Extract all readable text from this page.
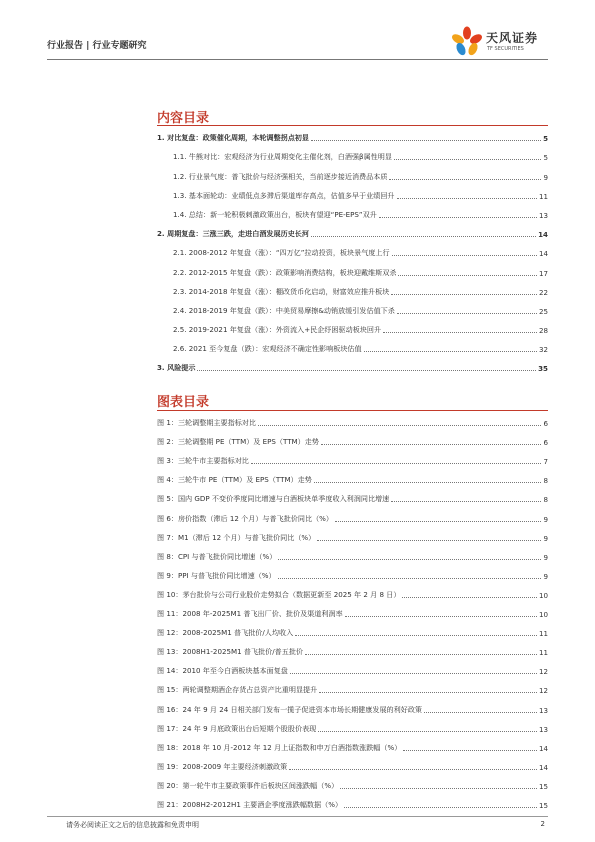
行业报告 | 行业专题研究
天风证券
TF SECURITIES
内容目录
1. 对比复盘：政策催化周期，本轮调整拐点初显	5
1.1. 牛熊对比：宏观经济为行业周期变化主催化剂，白酒强β属性明显	5
1.2. 行业景气度：普飞批价与经济强相关，当前逐步接近消费品本质	9
1.3. 基本面轮动：业绩低点多滞后渠道库存高点，估值多早于业绩回升	11
1.4. 总结：新一轮积极刺激政策出台，板块有望迎“PE-EPS”双升	13
2. 周期复盘：三涨三跌，走进白酒发展历史长河	14
2.1. 2008-2012 年复盘（涨）：“四万亿”拉动投资，板块景气度上行	14
2.2. 2012-2015 年复盘（跌）：政策影响消费结构，板块迎戴维斯双杀	17
2.3. 2014-2018 年复盘（涨）：棚改货币化启动，财富效应推升板块	22
2.4. 2018-2019 年复盘（跌）：中美贸易摩擦&动销放缓引发估值下杀	25
2.5. 2019-2021 年复盘（涨）：外资流入+民企纾困驱动板块回升	28
2.6. 2021 至今复盘（跌）：宏观经济不确定性影响板块估值	32
3. 风险提示	35
图表目录
图 1：三轮调整期主要指标对比	6
图 2：三轮调整期 PE（TTM）及 EPS（TTM）走势	6
图 3：三轮牛市主要指标对比	7
图 4：三轮牛市 PE（TTM）及 EPS（TTM）走势	8
图 5：国内 GDP 不变价季度同比增速与白酒板块单季度收入利润同比增速	8
图 6：房价指数（滞后 12 个月）与普飞批价同比（%）	9
图 7：M1（滞后 12 个月）与普飞批价同比（%）	9
图 8：CPI 与普飞批价同比增速（%）	9
图 9：PPI 与普飞批价同比增速（%）	9
图 10：茅台批价与公司行业股价走势拟合（数据更新至 2025 年 2 月 8 日）	10
图 11：2008 年-2025M1 普飞出厂价、批价及渠道利润率	10
图 12：2008-2025M1 普飞批价/人均收入	11
图 13：2008H1-2025M1 普飞批价/普五批价	11
图 14：2010 年至今白酒板块基本面复盘	12
图 15：两轮调整期酒企存货占总资产比重明显提升	12
图 16：24 年 9 月 24 日相关部门发布一揽子促进资本市场长期健康发展的利好政策	13
图 17：24 年 9 月底政策出台后短期个股股价表现	13
图 18：2018 年 10 月-2012 年 12 月上证指数和申万白酒指数涨跌幅（%）	14
图 19：2008-2009 年主要经济刺激政策	14
图 20：第一轮牛市主要政策事件后板块区间涨跌幅（%）	15
图 21：2008H2-2012H1 主要酒企季度涨跌幅数据（%）	15
请务必阅读正文之后的信息披露和免责申明	2
